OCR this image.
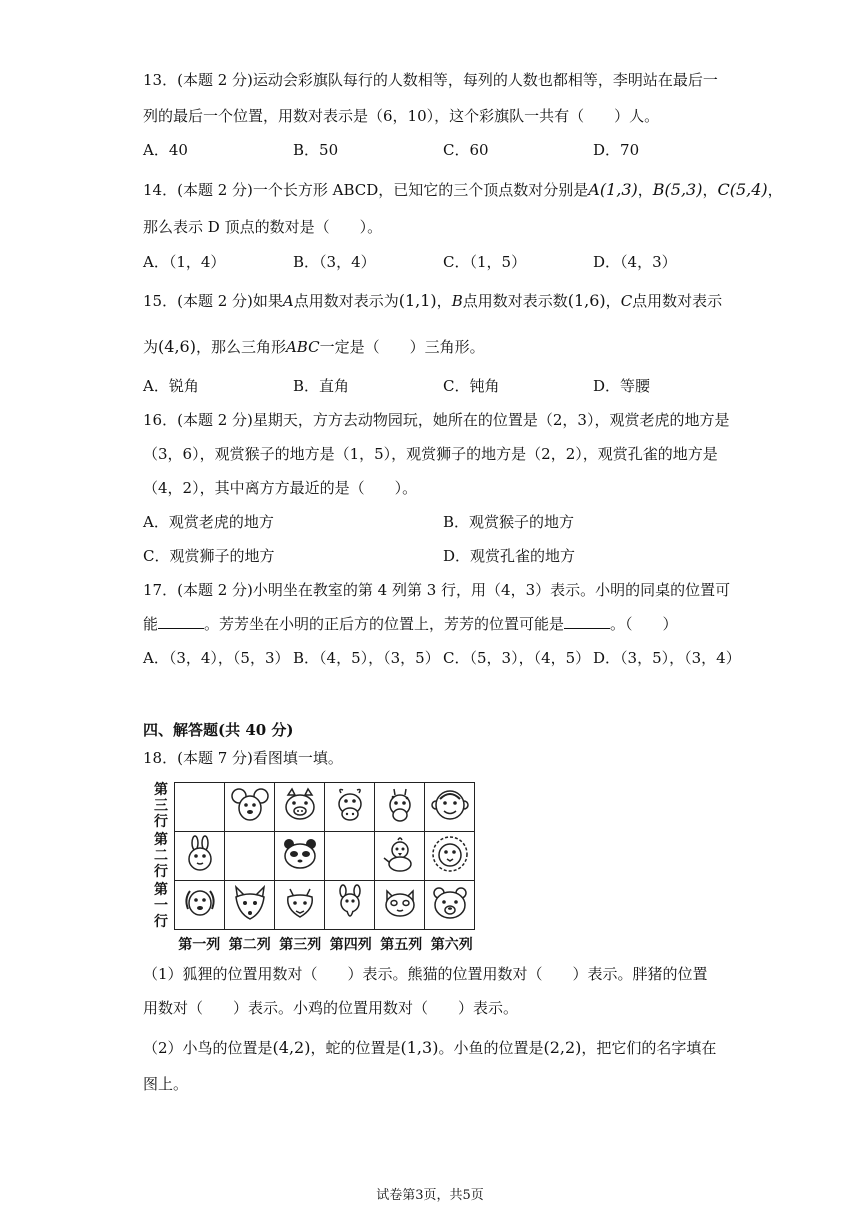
13．(本题 2 分)运动会彩旗队每行的人数相等，每列的人数也都相等，李明站在最后一
列的最后一个位置，用数对表示是（6，10），这个彩旗队一共有（　　）人。
A．40	B．50	C．60	D．70
14．(本题 2 分)一个长方形 ABCD，已知它的三个顶点数对分别是A(1,3)，B(5,3)，C(5,4)，
那么表示 D 顶点的数对是（　　）。
A．（1，4）	B．（3，4）	C．（1，5）	D．（4，3）
15．(本题 2 分)如果A点用数对表示为(1,1)，B点用数对表示数(1,6)，C点用数对表示
为(4,6)，那么三角形ABC一定是（　　）三角形。
A．锐角	B．直角	C．钝角	D．等腰
16．(本题 2 分)星期天，方方去动物园玩，她所在的位置是（2，3），观赏老虎的地方是
（3，6），观赏猴子的地方是（1，5），观赏狮子的地方是（2，2），观赏孔雀的地方是
（4，2），其中离方方最近的是（　　）。
A．观赏老虎的地方	B．观赏猴子的地方
C．观赏狮子的地方	D．观赏孔雀的地方
17．(本题 2 分)小明坐在教室的第 4 列第 3 行，用（4，3）表示。小明的同桌的位置可
能	。芳芳坐在小明的正后方的位置上，芳芳的位置可能是	。（　　）
A．（3，4），（5，3） B．（4，5），（3，5） C．（5，3），（4，5） D．（3，5），（3，4）
四、解答题(共 40 分)
18．(本题 7 分)看图填一填。
第三行
第二行
第一行

第一列 第二列 第三列 第四列 第五列 第六列
（1）狐狸的位置用数对（　　）表示。熊猫的位置用数对（　　）表示。胖猪的位置
用数对（　　）表示。小鸡的位置用数对（　　）表示。
（2）小鸟的位置是(4,2)，蛇的位置是(1,3)。小鱼的位置是(2,2)，把它们的名字填在
图上。
试卷第3页，共5页
